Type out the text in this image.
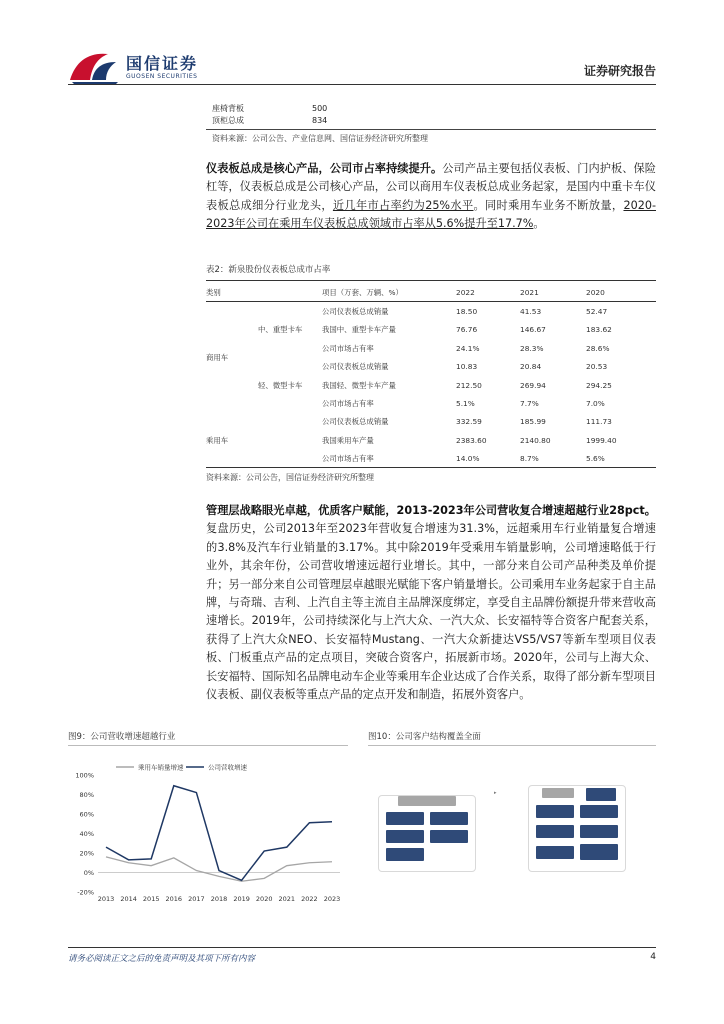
国信证券
GUOSEN SECURITIES	证券研究报告
座椅背板	500
顶柜总成	834
资料来源：公司公告、产业信息网、国信证券经济研究所整理
仪表板总成是核心产品，公司市占率持续提升。公司产品主要包括仪表板、门内护板、保险杠等，仪表板总成是公司核心产品，公司以商用车仪表板总成业务起家，是国内中重卡车仪表板总成细分行业龙头，近几年市占率约为25%水平。同时乘用车业务不断放量，2020-2023年公司在乘用车仪表板总成领域市占率从5.6%提升至17.7%。
表2：新泉股份仪表板总成市占率
类别		项目（万套、万辆、%）	2022	2021	2020
商用车	中、重型卡车	公司仪表板总成销量	18.50	41.53	52.47
		我国中、重型卡车产量	76.76	146.67	183.62
		公司市场占有率	24.1%	28.3%	28.6%
	轻、微型卡车	公司仪表板总成销量	10.83	20.84	20.53
		我国轻、微型卡车产量	212.50	269.94	294.25
		公司市场占有率	5.1%	7.7%	7.0%
乘用车		公司仪表板总成销量	332.59	185.99	111.73
		我国乘用车产量	2383.60	2140.80	1999.40
		公司市场占有率	14.0%	8.7%	5.6%
资料来源：公司公告，国信证券经济研究所整理
管理层战略眼光卓越，优质客户赋能，2013-2023年公司营收复合增速超越行业28pct。复盘历史，公司2013年至2023年营收复合增速为31.3%，远超乘用车行业销量复合增速的3.8%及汽车行业销量的3.17%。其中除2019年受乘用车销量影响，公司增速略低于行业外，其余年份，公司营收增速远超行业增长。其中，一部分来自公司产品种类及单价提升；另一部分来自公司管理层卓越眼光赋能下客户销量增长。公司乘用车业务起家于自主品牌，与奇瑞、吉利、上汽自主等主流自主品牌深度绑定，享受自主品牌份额提升带来营收高速增长。2019年，公司持续深化与上汽大众、一汽大众、长安福特等合资客户配套关系，获得了上汽大众NEO、长安福特Mustang、一汽大众新捷达VS5/VS7等新车型项目仪表板、门板重点产品的定点项目，突破合资客户，拓展新市场。2020年，公司与上海大众、长安福特、国际知名品牌电动车企业等乘用车企业达成了合作关系，取得了部分新车型项目仪表板、副仪表板等重点产品的定点开发和制造，拓展外资客户。
图9：公司营收增速超越行业
100%
80%
60%
40%
20%
0%
-20%
2013 2014 2015 2016 2017 2018 2019 2020 2021 2022 2023
乘用车销量增速	公司营收增速
图10：公司客户结构覆盖全面
▸
请务必阅读正文之后的免责声明及其项下所有内容	4
